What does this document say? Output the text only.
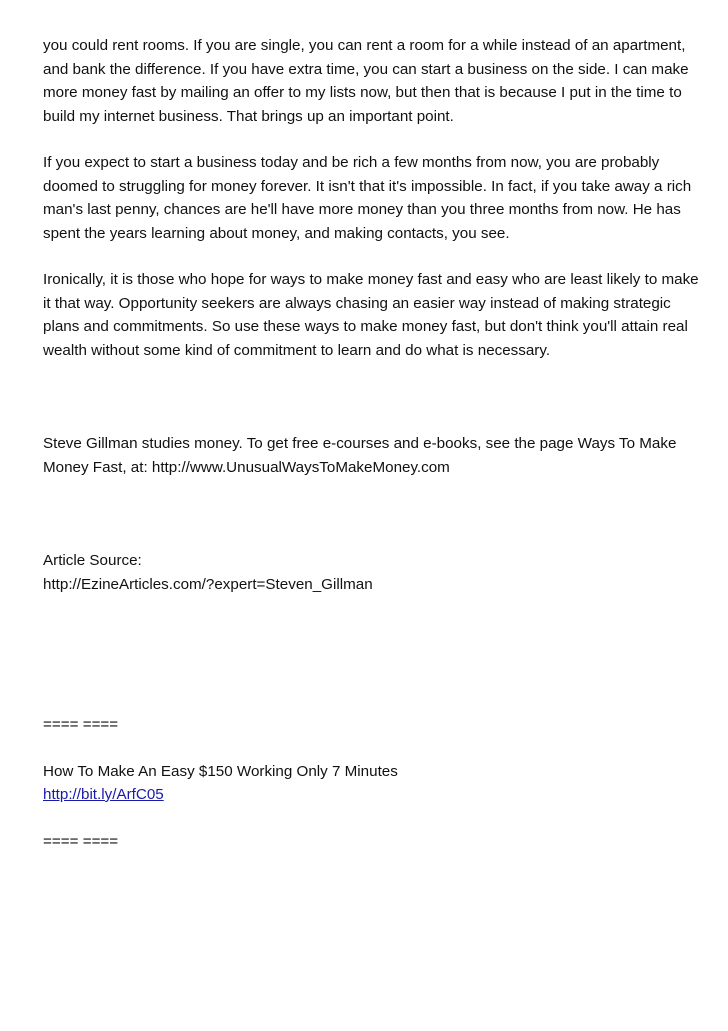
you could rent rooms. If you are single, you can rent a room for a while instead of an apartment,
and bank the difference. If you have extra time, you can start a business on the side. I can make
more money fast by mailing an offer to my lists now, but then that is because I put in the time to
build my internet business. That brings up an important point.

If you expect to start a business today and be rich a few months from now, you are probably
doomed to struggling for money forever. It isn't that it's impossible. In fact, if you take away a rich
man's last penny, chances are he'll have more money than you three months from now. He has
spent the years learning about money, and making contacts, you see.

Ironically, it is those who hope for ways to make money fast and easy who are least likely to make
it that way. Opportunity seekers are always chasing an easier way instead of making strategic
plans and commitments. So use these ways to make money fast, but don't think you'll attain real
wealth without some kind of commitment to learn and do what is necessary.

Steve Gillman studies money. To get free e-courses and e-books, see the page Ways To Make
Money Fast, at: http://www.UnusualWaysToMakeMoney.com

Article Source:

http://EzineArticles.com/?expert=Steven_Gillman

==== ====

How To Make An Easy $150 Working Only 7 Minutes

http://bit.ly/ArfC05

==== ====
